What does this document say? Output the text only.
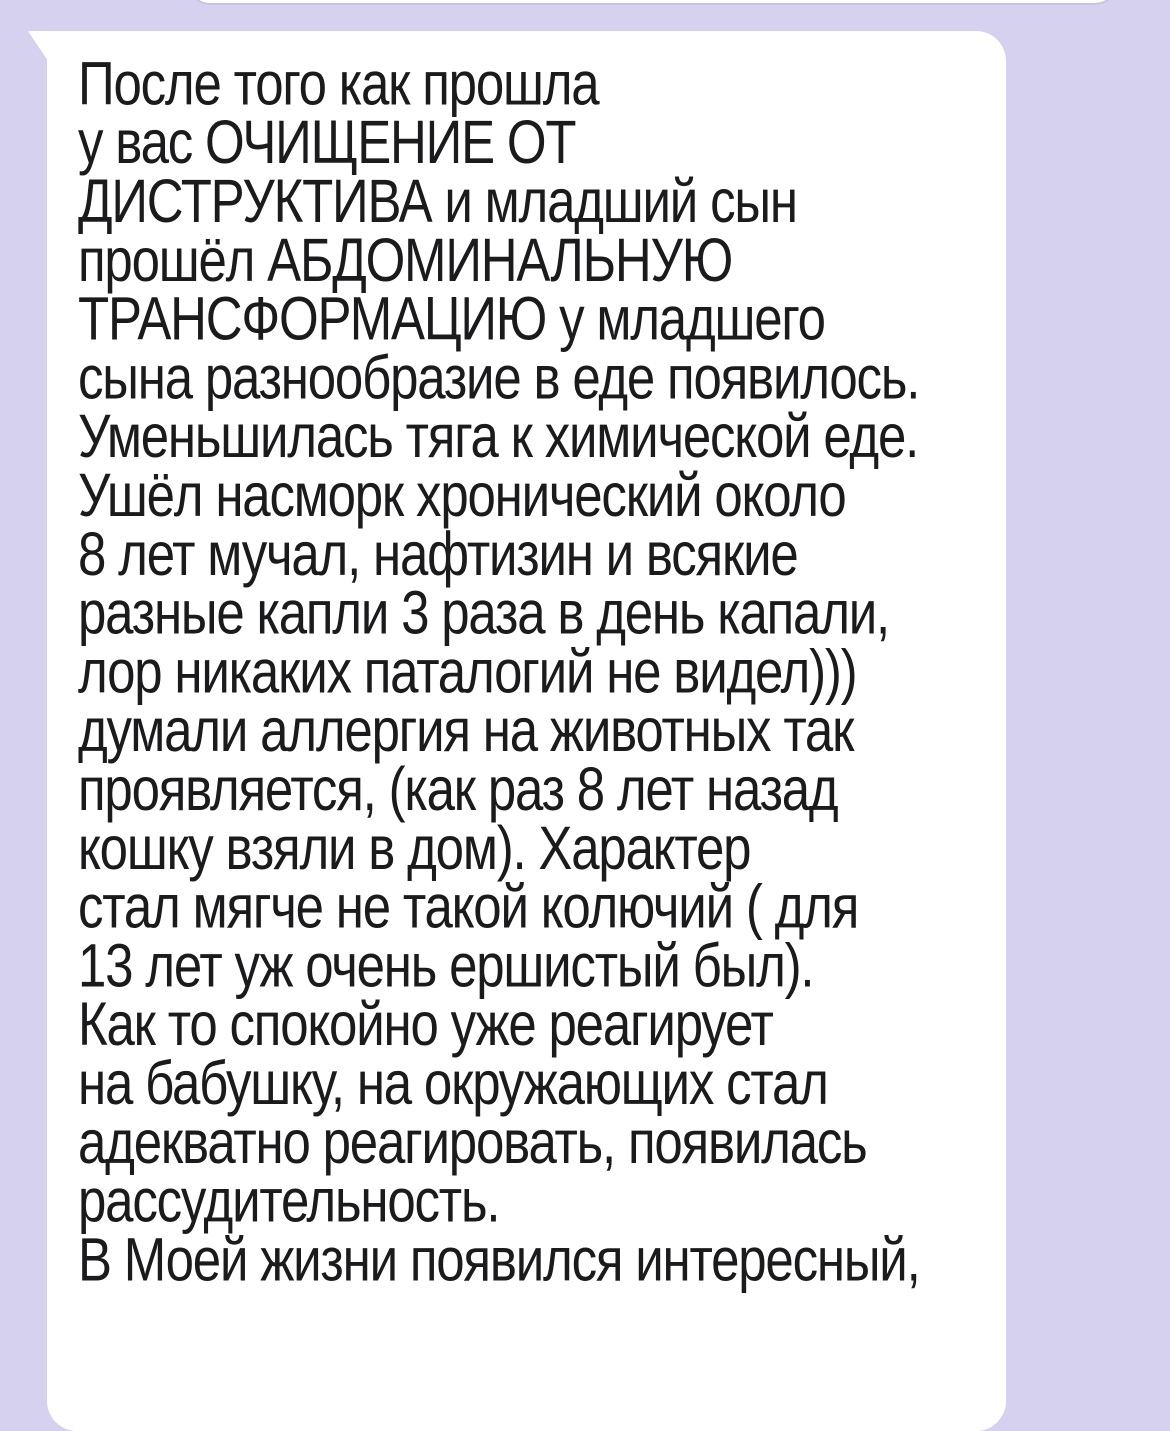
После того как прошла
у вас ОЧИЩЕНИЕ ОТ
ДИСТРУКТИВА и младший сын
прошёл АБДОМИНАЛЬНУЮ
ТРАНСФОРМАЦИЮ у младшего
сына разнообразие в еде появилось.
Уменьшилась тяга к химической еде.
Ушёл насморк хронический около
8 лет мучал, нафтизин и всякие
разные капли 3 раза в день капали,
лор никаких паталогий не видел)))
думали аллергия на животных так
проявляется, (как раз 8 лет назад
кошку взяли в дом). Характер
стал мягче не такой колючий ( для
13 лет уж очень ершистый был).
Как то спокойно уже реагирует
на бабушку, на окружающих стал
адекватно реагировать, появилась
рассудительность.
В Моей жизни появился интересный,
